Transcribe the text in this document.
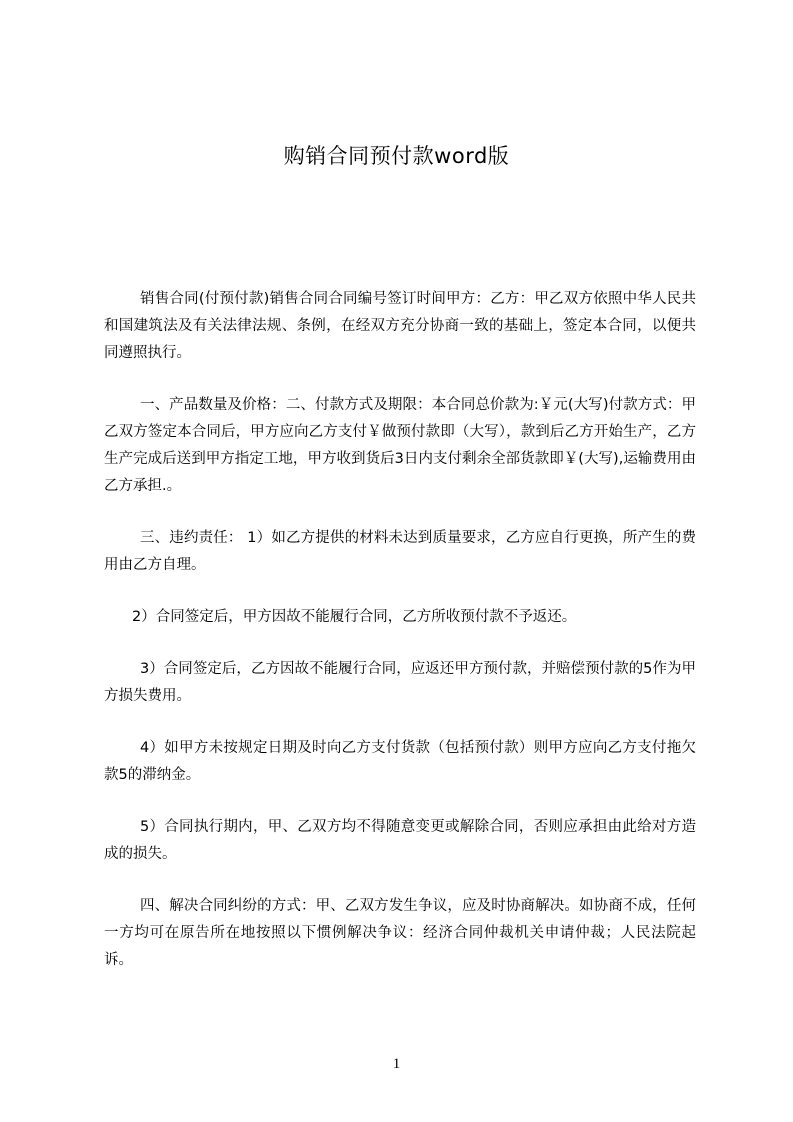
购销合同预付款word版

销售合同(付预付款)销售合同合同编号签订时间甲方：乙方：甲乙双方依照中华人民共和国建筑法及有关法律法规、条例，在经双方充分协商一致的基础上，签定本合同，以便共同遵照执行。

一、产品数量及价格：二、付款方式及期限：本合同总价款为:￥元(大写)付款方式：甲乙双方签定本合同后，甲方应向乙方支付￥做预付款即（大写），款到后乙方开始生产，乙方生产完成后送到甲方指定工地，甲方收到货后3日内支付剩余全部货款即￥(大写),运输费用由乙方承担.。

三、违约责任： 1）如乙方提供的材料未达到质量要求，乙方应自行更换，所产生的费用由乙方自理。

2）合同签定后，甲方因故不能履行合同，乙方所收预付款不予返还。

3）合同签定后，乙方因故不能履行合同，应返还甲方预付款，并赔偿预付款的5作为甲方损失费用。

4）如甲方未按规定日期及时向乙方支付货款（包括预付款）则甲方应向乙方支付拖欠款5的滞纳金。

5）合同执行期内，甲、乙双方均不得随意变更或解除合同，否则应承担由此给对方造成的损失。

四、解决合同纠纷的方式：甲、乙双方发生争议，应及时协商解决。如协商不成，任何一方均可在原告所在地按照以下惯例解决争议：经济合同仲裁机关申请仲裁；人民法院起诉。

1
